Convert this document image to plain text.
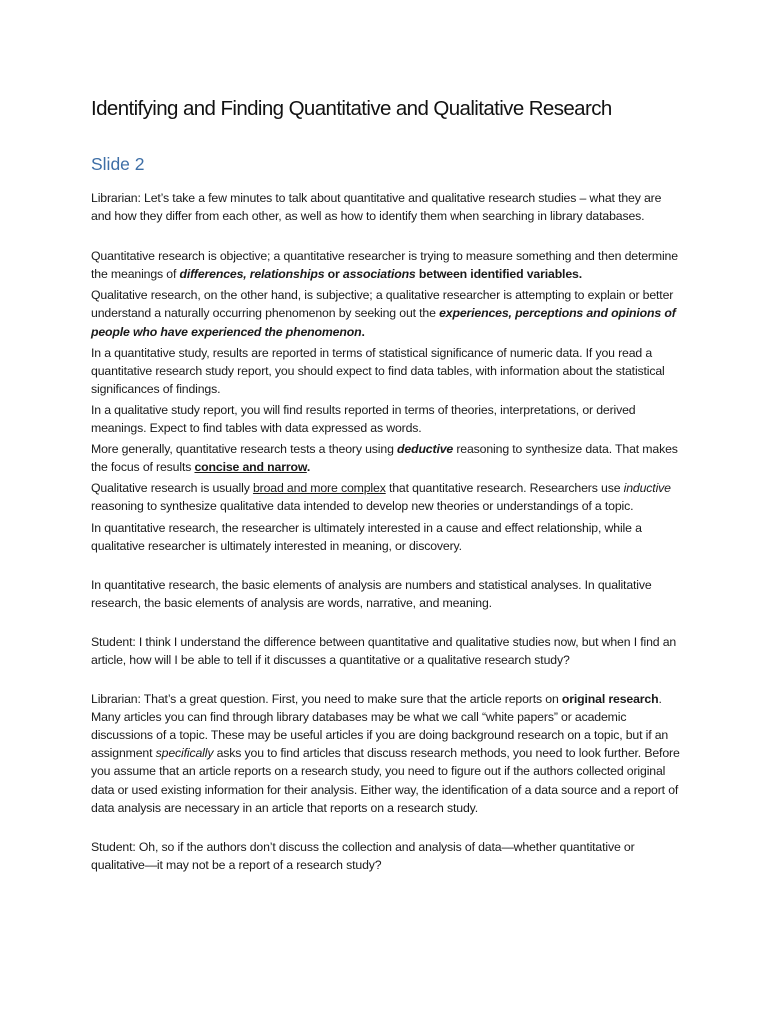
Identifying and Finding Quantitative and Qualitative Research
Slide 2

Librarian: Let’s take a few minutes to talk about quantitative and qualitative research studies – what they are and how they differ from each other, as well as how to identify them when searching in library databases.

Quantitative research is objective; a quantitative researcher is trying to measure something and then determine the meanings of differences, relationships or associations between identified variables.

Qualitative research, on the other hand, is subjective; a qualitative researcher is attempting to explain or better understand a naturally occurring phenomenon by seeking out the experiences, perceptions and opinions of people who have experienced the phenomenon.

In a quantitative study, results are reported in terms of statistical significance of numeric data. If you read a quantitative research study report, you should expect to find data tables, with information about the statistical significances of findings.

In a qualitative study report, you will find results reported in terms of theories, interpretations, or derived meanings. Expect to find tables with data expressed as words.

More generally, quantitative research tests a theory using deductive reasoning to synthesize data. That makes the focus of results concise and narrow.

Qualitative research is usually broad and more complex that quantitative research. Researchers use inductive reasoning to synthesize qualitative data intended to develop new theories or understandings of a topic.

In quantitative research, the researcher is ultimately interested in a cause and effect relationship, while a qualitative researcher is ultimately interested in meaning, or discovery.

In quantitative research, the basic elements of analysis are numbers and statistical analyses. In qualitative research, the basic elements of analysis are words, narrative, and meaning.

Student: I think I understand the difference between quantitative and qualitative studies now, but when I find an article, how will I be able to tell if it discusses a quantitative or a qualitative research study?

Librarian: That’s a great question. First, you need to make sure that the article reports on original research. Many articles you can find through library databases may be what we call “white papers” or academic discussions of a topic. These may be useful articles if you are doing background research on a topic, but if an assignment specifically asks you to find articles that discuss research methods, you need to look further. Before you assume that an article reports on a research study, you need to figure out if the authors collected original data or used existing information for their analysis. Either way, the identification of a data source and a report of data analysis are necessary in an article that reports on a research study.

Student: Oh, so if the authors don’t discuss the collection and analysis of data—whether quantitative or qualitative—it may not be a report of a research study?
